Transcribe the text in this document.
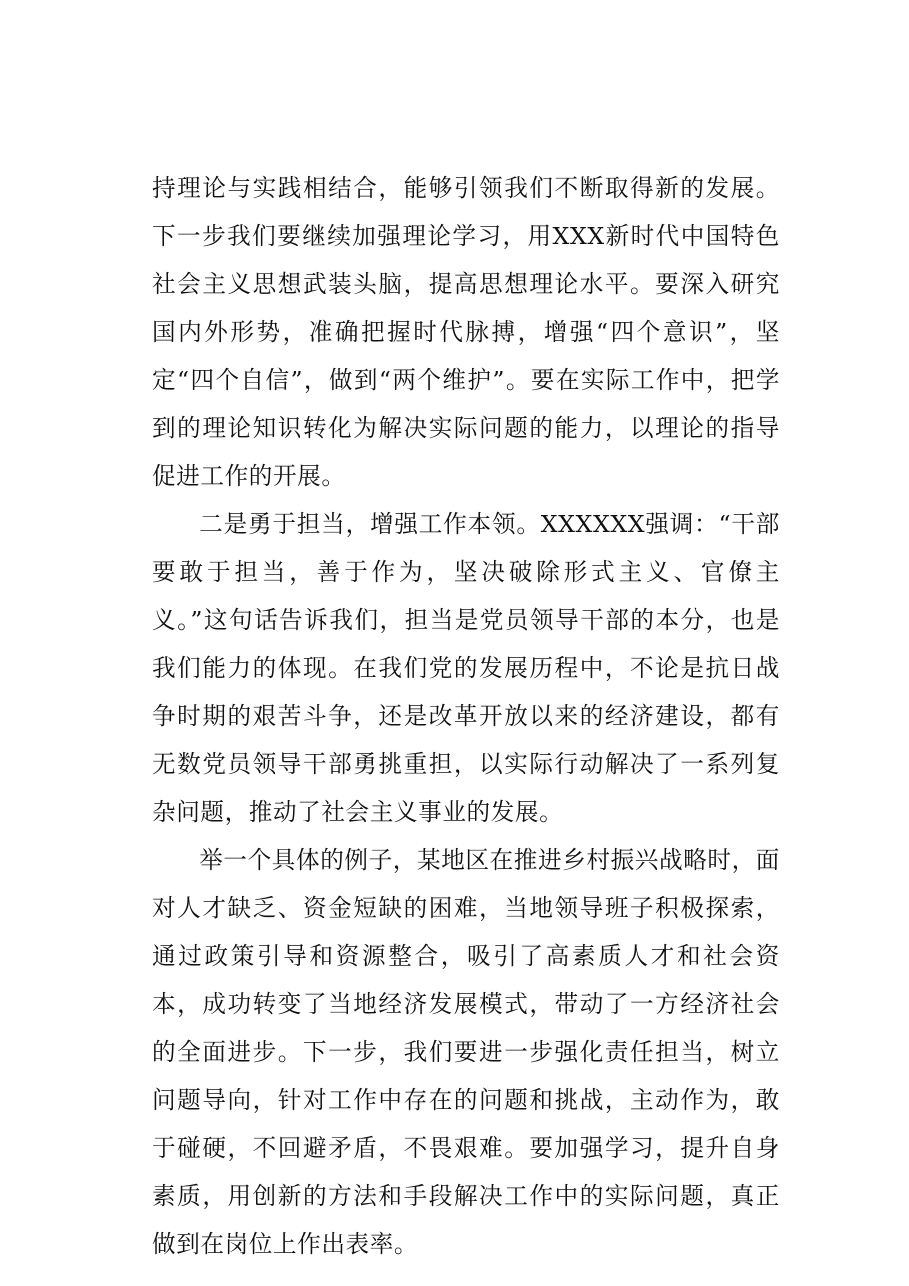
持理论与实践相结合，能够引领我们不断取得新的发展。下一步我们要继续加强理论学习，用XXX新时代中国特色社会主义思想武装头脑，提高思想理论水平。要深入研究国内外形势，准确把握时代脉搏，增强“四个意识”，坚定“四个自信”，做到“两个维护”。要在实际工作中，把学到的理论知识转化为解决实际问题的能力，以理论的指导促进工作的开展。

二是勇于担当，增强工作本领。XXXXXX强调：“干部要敢于担当，善于作为，坚决破除形式主义、官僚主义。”这句话告诉我们，担当是党员领导干部的本分，也是我们能力的体现。在我们党的发展历程中，不论是抗日战争时期的艰苦斗争，还是改革开放以来的经济建设，都有无数党员领导干部勇挑重担，以实际行动解决了一系列复杂问题，推动了社会主义事业的发展。

举一个具体的例子，某地区在推进乡村振兴战略时，面对人才缺乏、资金短缺的困难，当地领导班子积极探索，通过政策引导和资源整合，吸引了高素质人才和社会资本，成功转变了当地经济发展模式，带动了一方经济社会的全面进步。下一步，我们要进一步强化责任担当，树立问题导向，针对工作中存在的问题和挑战，主动作为，敢于碰硬，不回避矛盾，不畏艰难。要加强学习，提升自身素质，用创新的方法和手段解决工作中的实际问题，真正做到在岗位上作出表率。
